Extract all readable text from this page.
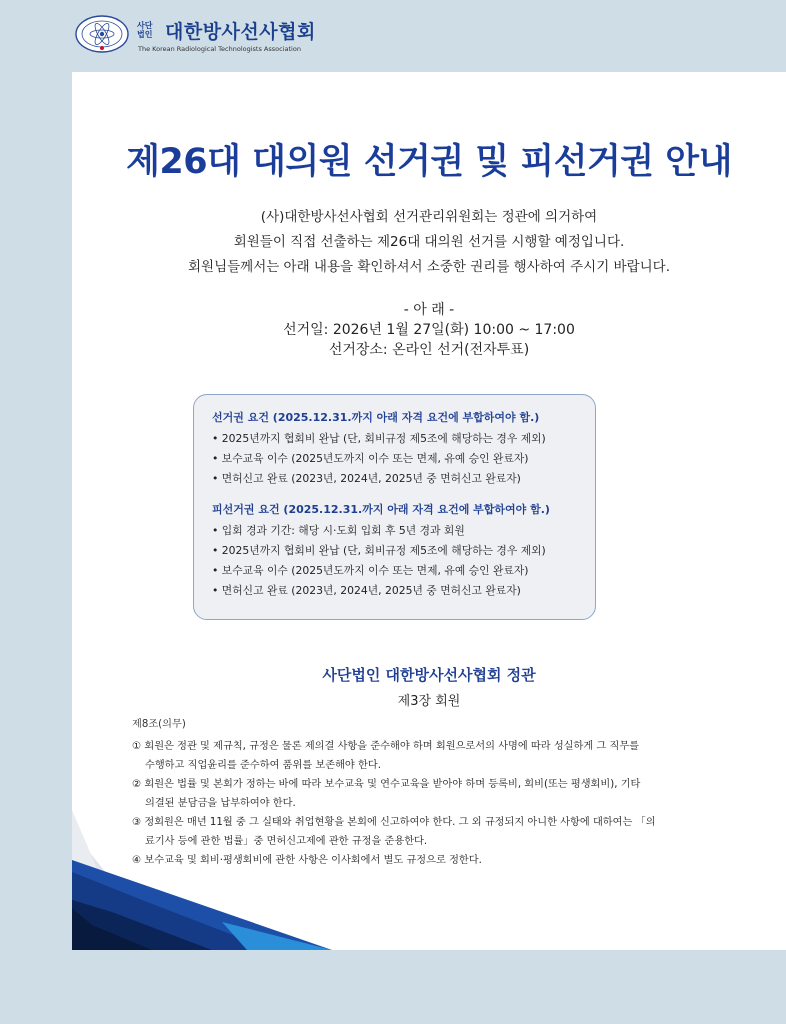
사단
법인 대한방사선사협회
The Korean Radiological Technologists Association
제26대 대의원 선거권 및 피선거권 안내
(사)대한방사선사협회 선거관리위원회는 정관에 의거하여
회원들이 직접 선출하는 제26대 대의원 선거를 시행할 예정입니다.
회원님들께서는 아래 내용을 확인하셔서 소중한 권리를 행사하여 주시기 바랍니다.
- 아 래 -
선거일: 2026년 1월 27일(화) 10:00 ~ 17:00
선거장소: 온라인 선거(전자투표)
선거권 요건 (2025.12.31.까지 아래 자격 요건에 부합하여야 함.)
• 2025년까지 협회비 완납 (단, 회비규정 제5조에 해당하는 경우 제외)
• 보수교육 이수 (2025년도까지 이수 또는 면제, 유예 승인 완료자)
• 면허신고 완료 (2023년, 2024년, 2025년 중 면허신고 완료자)
피선거권 요건 (2025.12.31.까지 아래 자격 요건에 부합하여야 함.)
• 입회 경과 기간: 해당 시·도회 입회 후 5년 경과 회원
• 2025년까지 협회비 완납 (단, 회비규정 제5조에 해당하는 경우 제외)
• 보수교육 이수 (2025년도까지 이수 또는 면제, 유예 승인 완료자)
• 면허신고 완료 (2023년, 2024년, 2025년 중 면허신고 완료자)
사단법인 대한방사선사협회 정관
제3장 회원
제8조(의무)
① 회원은 정관 및 제규칙, 규정은 물론 제의결 사항을 준수해야 하며 회원으로서의 사명에 따라 성실하게 그 직무를
수행하고 직업윤리를 준수하여 품위를 보존해야 한다.
② 회원은 법률 및 본회가 정하는 바에 따라 보수교육 및 연수교육을 받아야 하며 등록비, 회비(또는 평생회비), 기타
의결된 분담금을 납부하여야 한다.
③ 정회원은 매년 11월 중 그 실태와 취업현황을 본회에 신고하여야 한다. 그 외 규정되지 아니한 사항에 대하여는 「의
료기사 등에 관한 법률」중 면허신고제에 관한 규정을 준용한다.
④ 보수교육 및 회비·평생회비에 관한 사항은 이사회에서 별도 규정으로 정한다.
